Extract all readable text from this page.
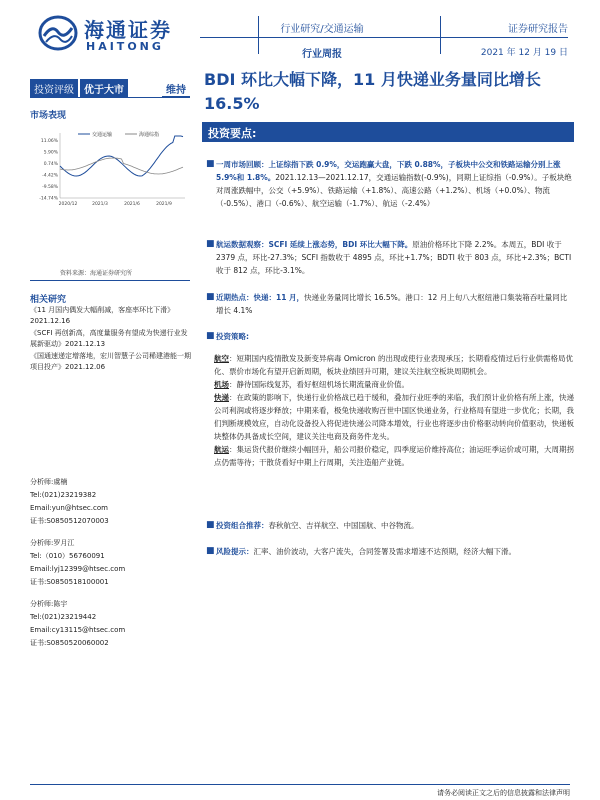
海通证券
HAITONG
行业研究/交通运输
行业周报
证券研究报告
2021 年 12 月 19 日
投资评级	优于大市	维持
市场表现
11.06%
5.90%
0.74%
-4.42%
-9.58%
-14.74%
2020/12	2021/3	2021/6	2021/9
交通运输	海通综指
资料来源：海通证券研究所
相关研究
《11 月国内偶发大幅削减，客座率环比下滑》2021.12.16
《SCFI 再创新高，高度量服务有望成为快递行业发展新驱动》2021.12.13
《国通速递定增落地，宏川智慧子公司稀建港能一期项目投产》2021.12.06
分析师:虞楠
Tel:(021)23219382
Email:yun@htsec.com
证书:S0850512070003
分析师:罗月江
Tel:（010）56760091
Email:lyj12399@htsec.com
证书:S0850518100001
分析师:陈宇
Tel:(021)23219442
Email:cy13115@htsec.com
证书:S0850520060002
BDI 环比大幅下降，11 月快递业务量同比增长 16.5%
投资要点:
■ 一周市场回顾：上证综指下跌 0.9%，交运跑赢大盘，下跌 0.88%，子板块中公交和铁路运输分别上涨 5.9%和 1.8%。2021.12.13—2021.12.17，交通运输指数(-0.9%)，同期上证综指（-0.9%）。子板块绝对周涨跌幅中，公交（+5.9%）、铁路运输（+1.8%）、高速公路（+1.2%）、机场（+0.0%）、物流（-0.5%）、港口（-0.6%）、航空运输（-1.7%）、航运（-2.4%）
■ 航运数据观察：SCFI 延续上涨态势，BDI 环比大幅下降。原油价格环比下降 2.2%。本周五，BDI 收于 2379 点，环比-27.3%；SCFI 指数收于 4895 点，环比+1.7%；BDTI 收于 803 点，环比+2.3%；BCTI 收于 812 点，环比-3.1%。
■ 近期热点：快递：11 月，快递业务量同比增长 16.5%。港口：12 月上旬八大枢纽港口集装箱吞吐量同比增长 4.1%
■ 投资策略:
航空：短期国内疫情散发及新变异病毒 Omicron 的出现或使行业表现承压；长期看疫情过后行业供需格局优化、票价市场化有望开启新周期，板块业绩回升可期，建议关注航空板块周期机会。
机场：静待国际线复苏，看好枢纽机场长期流量商业价值。
快递：在政策的影响下，快递行业价格战已趋于缓和，叠加行业旺季的来临，我们预计业价格有所上涨，快递公司利润或将逐步释放；中期来看，极兔快递收购百世中国区快递业务，行业格局有望进一步优化；长期，我们判断规模效应，自动化设备投入将促进快递公司降本增效，行业也将逐步由价格驱动转向价值驱动，快递板块整体仍具备成长空间，建议关注电商及商务件龙头。
航运：集运货代报价继续小幅回升，船公司报价稳定，四季度运价维持高位；油运旺季运价或可期，大周期拐点仍需等待；干散货看好中期上行周期，关注造船产业链。
■ 投资组合推荐：春秋航空、吉祥航空、中国国航、中谷物流。
■ 风险提示：汇率、油价波动，大客户流失，合同签署及需求增速不达预期，经济大幅下滑。
请务必阅读正文之后的信息披露和法律声明
